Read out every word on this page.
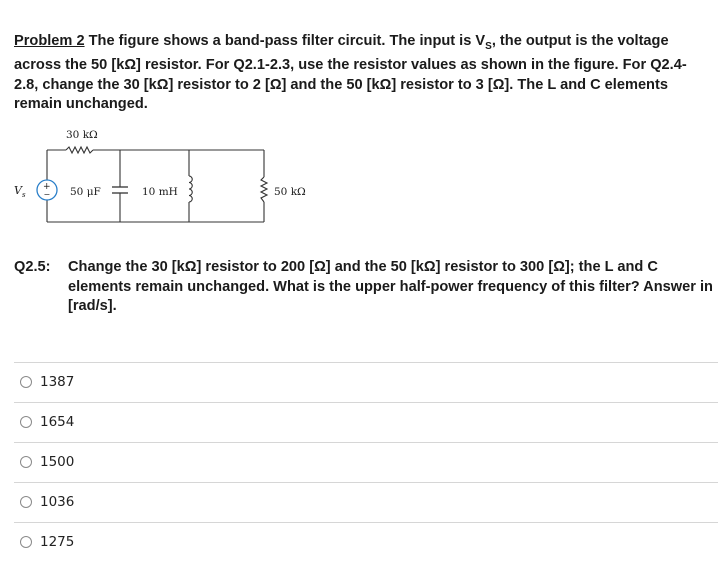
Problem 2 The figure shows a band-pass filter circuit. The input is $V_S$, the output is the voltage across the 50 [kΩ] resistor. For Q2.1-2.3, use the resistor values as shown in the figure. For Q2.4-2.8, change the 30 [kΩ] resistor to 2 [Ω] and the 50 [kΩ] resistor to 3 [Ω]. The L and C elements remain unchanged.
30 kΩ
V s	50 μF	10 mH	50 kΩ
+
−
Q2.5: Change the 30 [kΩ] resistor to 200 [Ω] and the 50 [kΩ] resistor to 300 [Ω]; the L and C elements remain unchanged. What is the upper half-power frequency of this filter? Answer in [rad/s].
1387
1654
1500
1036
1275
